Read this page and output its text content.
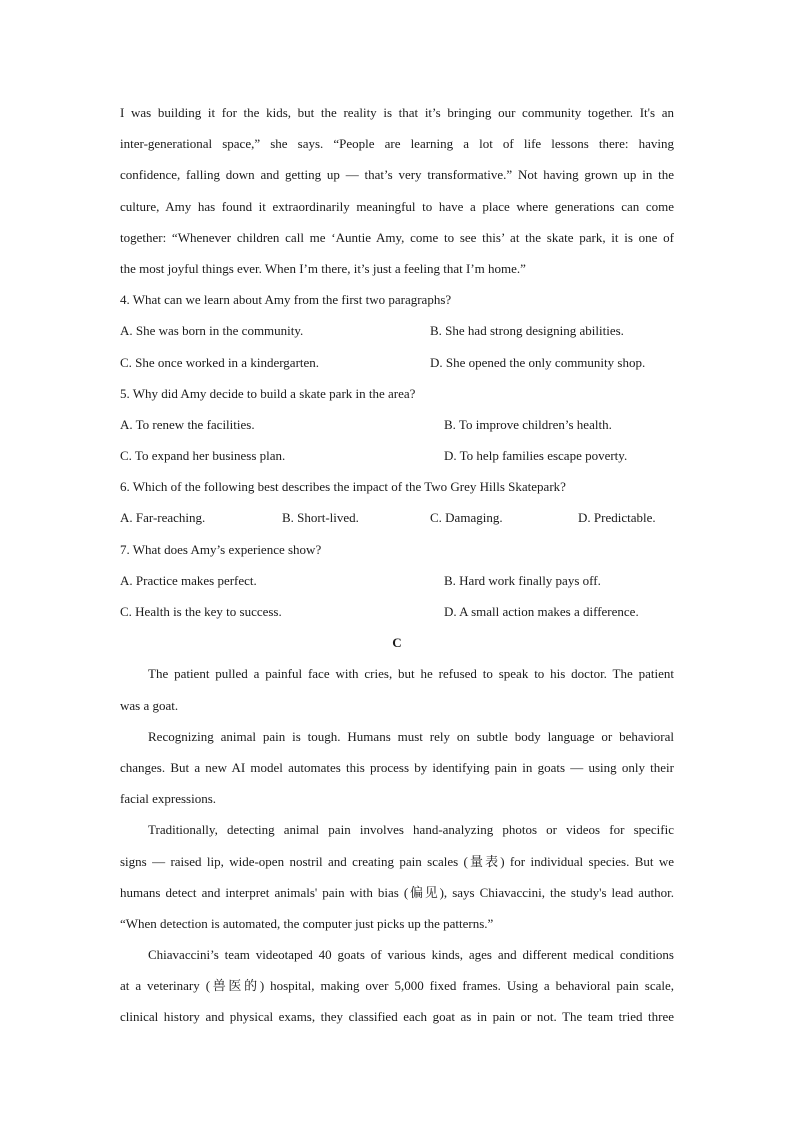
I was building it for the kids, but the reality is that it’s bringing our community together. It's an
inter-generational space,” she says. “People are learning a lot of life lessons there: having
confidence, falling down and getting up — that’s very transformative.” Not having grown up in the
culture, Amy has found it extraordinarily meaningful to have a place where generations can come
together: “Whenever children call me ‘Auntie Amy, come to see this’ at the skate park, it is one of
the most joyful things ever. When I’m there, it’s just a feeling that I’m home.”
4. What can we learn about Amy from the first two paragraphs?
A. She was born in the community.	B. She had strong designing abilities.
C. She once worked in a kindergarten.	D. She opened the only community shop.
5. Why did Amy decide to build a skate park in the area?
A. To renew the facilities.	B. To improve children’s health.
C. To expand her business plan.	D. To help families escape poverty.
6. Which of the following best describes the impact of the Two Grey Hills Skatepark?
A. Far-reaching.	B. Short-lived.	C. Damaging.	D. Predictable.
7. What does Amy’s experience show?
A. Practice makes perfect.	B. Hard work finally pays off.
C. Health is the key to success.	D. A small action makes a difference.
C
The patient pulled a painful face with cries, but he refused to speak to his doctor. The patient
was a goat.
Recognizing animal pain is tough. Humans must rely on subtle body language or behavioral
changes. But a new AI model automates this process by identifying pain in goats — using only their
facial expressions.
Traditionally, detecting animal pain involves hand-analyzing photos or videos for specific
signs — raised lip, wide-open nostril and creating pain scales (量表) for individual species. But we
humans detect and interpret animals' pain with bias (偏见), says Chiavaccini, the study's lead author.
“When detection is automated, the computer just picks up the patterns.”
Chiavaccini’s team videotaped 40 goats of various kinds, ages and different medical conditions
at a veterinary (兽医的) hospital, making over 5,000 fixed frames. Using a behavioral pain scale,
clinical history and physical exams, they classified each goat as in pain or not. The team tried three
